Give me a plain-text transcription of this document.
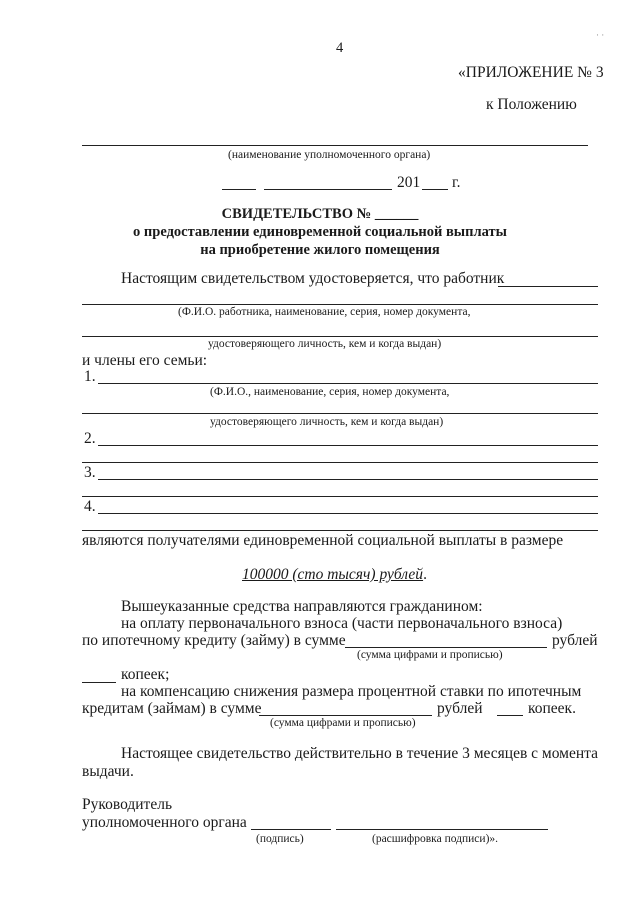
4
· ·
«ПРИЛОЖЕНИЕ № 3
к Положению
(наименование уполномоченного органа)
201 г.
СВИДЕТЕЛЬСТВО № ______
о предоставлении единовременной социальной выплаты
на приобретение жилого помещения
Настоящим свидетельством удостоверяется, что работник
(Ф.И.О. работника, наименование, серия, номер документа,
удостоверяющего личность, кем и когда выдан)
и члены его семьи:
1.
(Ф.И.О., наименование, серия, номер документа,
удостоверяющего личность, кем и когда выдан)
2.
3.
4.
являются получателями единовременной социальной выплаты в размере
100000 (сто тысяч) рублей.
Вышеуказанные средства направляются гражданином:
на оплату первоначального взноса (части первоначального взноса)
по ипотечному кредиту (займу) в сумме	рублей
(сумма цифрами и прописью)
копеек;
на компенсацию снижения размера процентной ставки по ипотечным
кредитам (займам) в сумме	рублей	копеек.
(сумма цифрами и прописью)
Настоящее свидетельство действительно в течение 3 месяцев с момента
выдачи.
Руководитель
уполномоченного органа
(подпись)	(расшифровка подписи)».
